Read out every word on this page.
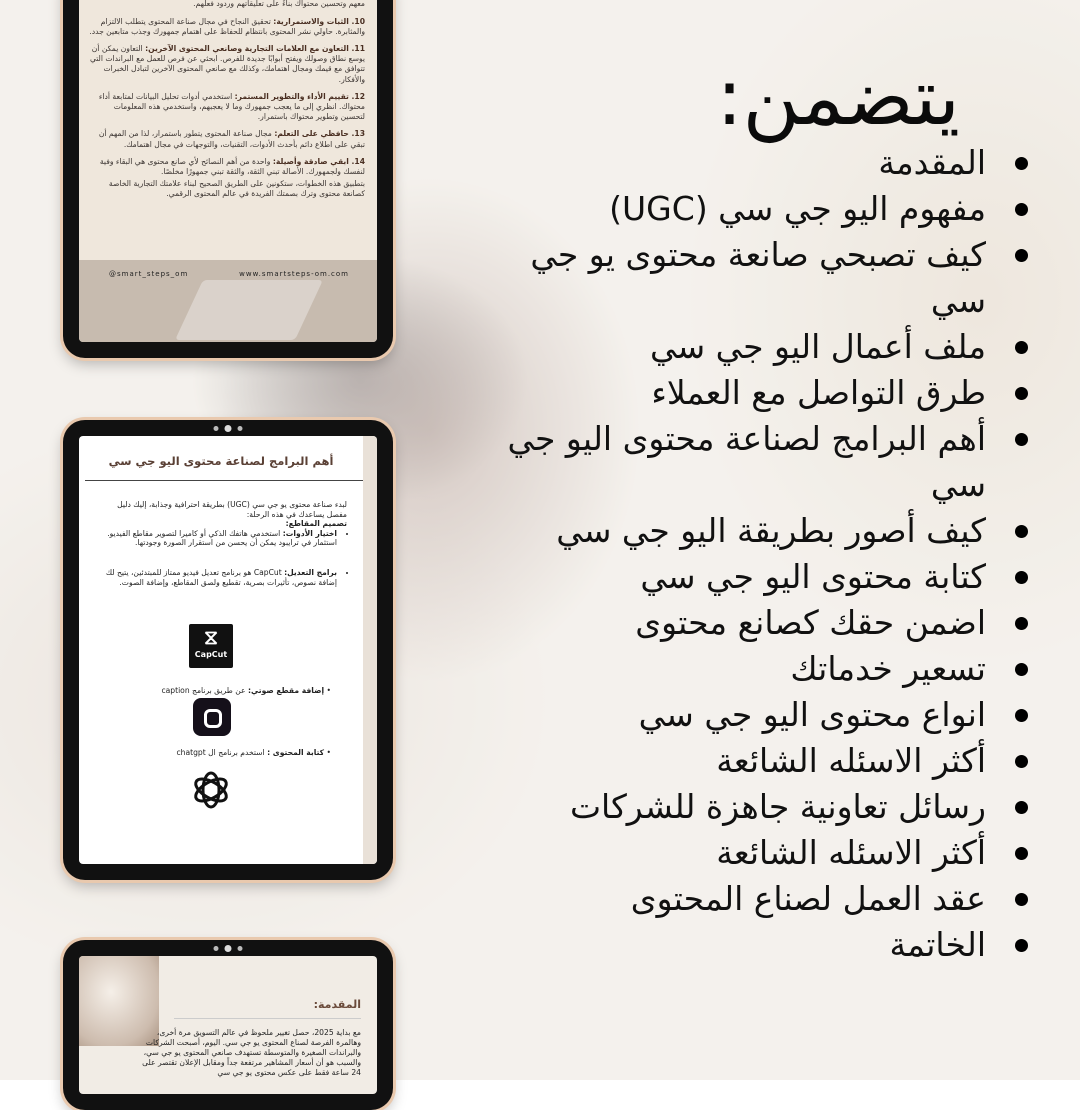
معهم وتحسين محتواك بناءً على تعليقاتهم وردود فعلهم.

10. الثبات والاستمرارية: تحقيق النجاح في مجال صناعة المحتوى يتطلب الالتزام والمثابرة. حاولي نشر المحتوى بانتظام للحفاظ على اهتمام جمهورك وجذب متابعين جدد.

11. التعاون مع العلامات التجارية وصانعي المحتوى الآخرين: التعاون يمكن أن يوسع نطاق وصولك ويفتح أبوابًا جديدة للفرص. ابحثي عن فرص للعمل مع البراندات التي تتوافق مع قيمك ومجال اهتمامك، وكذلك مع صانعي المحتوى الآخرين لتبادل الخبرات والأفكار.

12. تقييم الأداء والتطوير المستمر: استخدمي أدوات تحليل البيانات لمتابعة أداء محتواك. انظري إلى ما يعجب جمهورك وما لا يعجبهم، واستخدمي هذه المعلومات لتحسين وتطوير محتواك باستمرار.

13. حافظي على التعلم: مجال صناعة المحتوى يتطور باستمرار، لذا من المهم أن تبقي على اطلاع دائم بأحدث الأدوات، التقنيات، والتوجهات في مجال اهتمامك.

14. ابقي صادقة وأصيلة: واحدة من أهم النصائح لأي صانع محتوى هي البقاء وفية لنفسك ولجمهورك. الأصالة تبني الثقة، والثقة تبني جمهورًا مخلصًا.

بتطبيق هذه الخطوات، ستكونين على الطريق الصحيح لبناء علامتك التجارية الخاصة كصانعة محتوى وترك بصمتك الفريدة في عالم المحتوى الرقمي.

@smart_steps_om	www.smartsteps-om.com
أهم البرامج لصناعة محتوى اليو جي سي

لبدء صناعة محتوى يو جي سي (UGC) بطريقة احترافية وجذابة، إليك دليل مفصل يساعدك في هذه الرحلة:

تصميم المقاطع:

• اختيار الأدوات: استخدمي هاتفك الذكي أو كاميرا لتصوير مقاطع الفيديو. استثمار في ترايبود يمكن أن يحسن من استقرار الصورة وجودتها.
• برامج التعديل: CapCut هو برنامج تعديل فيديو ممتاز للمبتدئين، يتيح لك إضافة نصوص، تأثيرات بصرية، تقطيع ولصق المقاطع، وإضافة الصوت.
⧖
CapCut
• إضافة مقطع صوتي: عن طريق برنامج caption
• كتابة المحتوى : استخدم برنامج ال chatgpt
المقدمة:
مع بداية 2025، حصل تغيير ملحوظ في عالم التسويق مرة أخرى، وهالمرة الفرصة لصناع المحتوى يو جي سي. اليوم، أصبحت الشركات والبراندات الصغيرة والمتوسطة تستهدف صانعي المحتوى يو جي سي، والسبب هو أن أسعار المشاهير مرتفعة جداً ومقابل الإعلان تقتصر على 24 ساعة فقط على عكس محتوى يو جي سي
يتضمن:
المقدمة
مفهوم اليو جي سي (UGC)
كيف تصبحي صانعة محتوى يو جي سي
ملف أعمال اليو جي سي
طرق التواصل مع العملاء
أهم البرامج لصناعة محتوى اليو جي سي
كيف أصور بطريقة اليو جي سي
كتابة محتوى اليو جي سي
اضمن حقك كصانع محتوى
تسعير خدماتك
انواع محتوى اليو جي سي
أكثر الاسئله الشائعة
رسائل تعاونية جاهزة للشركات
أكثر الاسئله الشائعة
عقد العمل لصناع المحتوى
الخاتمة
